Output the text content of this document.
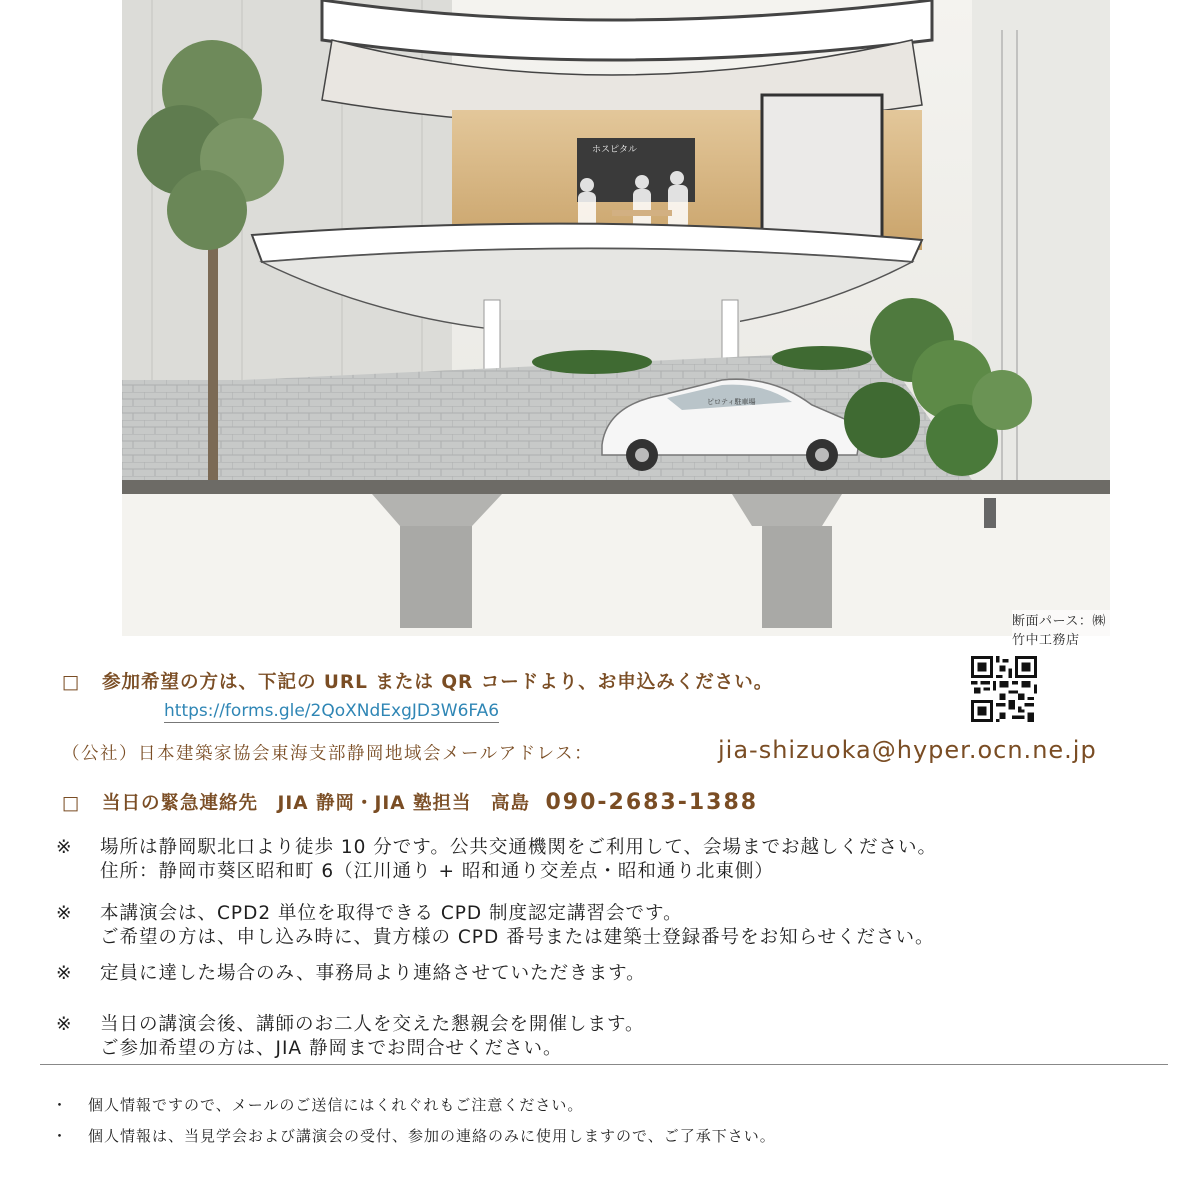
ホスピタル
ピロティ駐車場
断面パース：㈱竹中工務店
□ 参加希望の方は、下記の URL または QR コードより、お申込みください。
https://forms.gle/2QoXNdExgJD3W6FA6
（公社）日本建築家協会東海支部静岡地域会メールアドレス：	jia-shizuoka@hyper.ocn.ne.jp
□ 当日の緊急連絡先　JIA 静岡・JIA 塾担当　高島 090-2683-1388
※ 場所は静岡駅北口より徒歩 10 分です。公共交通機関をご利用して、会場までお越しください。
住所：静岡市葵区昭和町 6（江川通り + 昭和通り交差点・昭和通り北東側）
※ 本講演会は、CPD2 単位を取得できる CPD 制度認定講習会です。
ご希望の方は、申し込み時に、貴方様の CPD 番号または建築士登録番号をお知らせください。
※ 定員に達した場合のみ、事務局より連絡させていただきます。
※ 当日の講演会後、講師のお二人を交えた懇親会を開催します。
ご参加希望の方は、JIA 静岡までお問合せください。
・ 個人情報ですので、メールのご送信にはくれぐれもご注意ください。
・ 個人情報は、当見学会および講演会の受付、参加の連絡のみに使用しますので、ご了承下さい。
